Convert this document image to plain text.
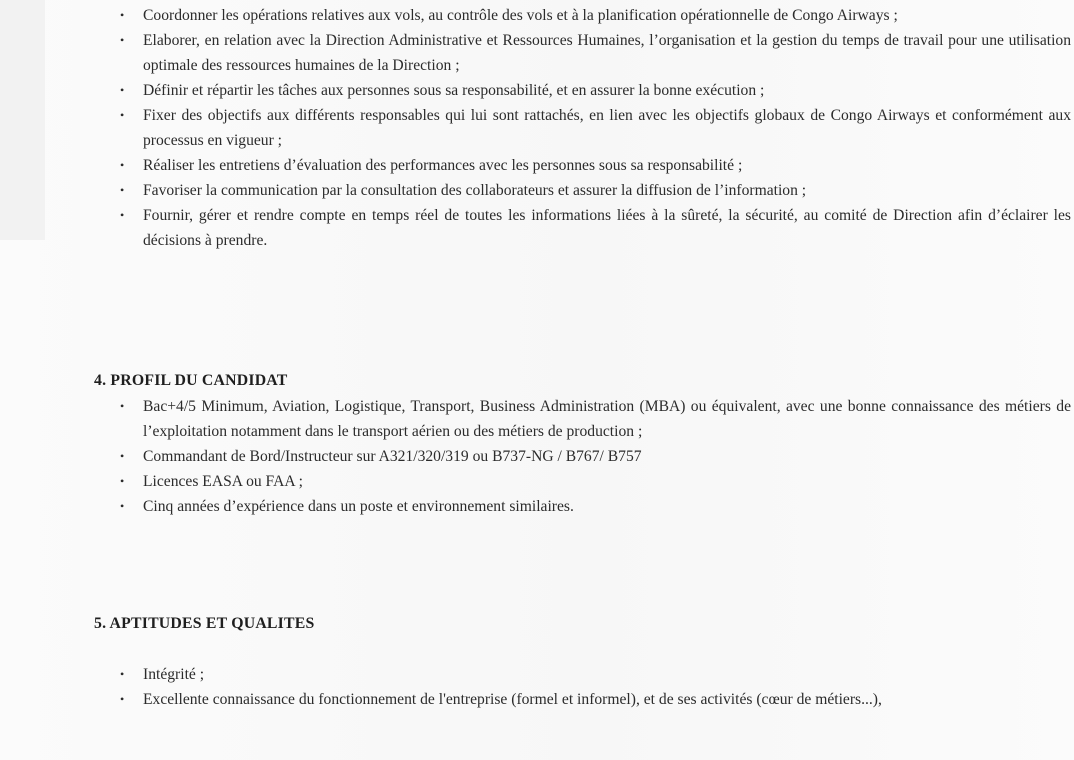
• Coordonner les opérations relatives aux vols, au contrôle des vols et à la planification opérationnelle de Congo Airways ;
• Elaborer, en relation avec la Direction Administrative et Ressources Humaines, l’organisation et la gestion du temps de travail pour une utilisation optimale des ressources humaines de la Direction ;
• Définir et répartir les tâches aux personnes sous sa responsabilité, et en assurer la bonne exécution ;
• Fixer des objectifs aux différents responsables qui lui sont rattachés, en lien avec les objectifs globaux de Congo Airways et conformément aux processus en vigueur ;
• Réaliser les entretiens d’évaluation des performances avec les personnes sous sa responsabilité ;
• Favoriser la communication par la consultation des collaborateurs et assurer la diffusion de l’information ;
• Fournir, gérer et rendre compte en temps réel de toutes les informations liées à la sûreté, la sécurité, au comité de Direction afin d’éclairer les décisions à prendre.
4. PROFIL DU CANDIDAT
• Bac+4/5 Minimum, Aviation, Logistique, Transport, Business Administration (MBA) ou équivalent, avec une bonne connaissance des métiers de l’exploitation notamment dans le transport aérien ou des métiers de production ;
• Commandant de Bord/Instructeur sur A321/320/319 ou B737-NG / B767/ B757
• Licences EASA ou FAA ;
• Cinq années d’expérience dans un poste et environnement similaires.
5. APTITUDES ET QUALITES
• Intégrité ;
• Excellente connaissance du fonctionnement de l'entreprise (formel et informel), et de ses activités (cœur de métiers...),
